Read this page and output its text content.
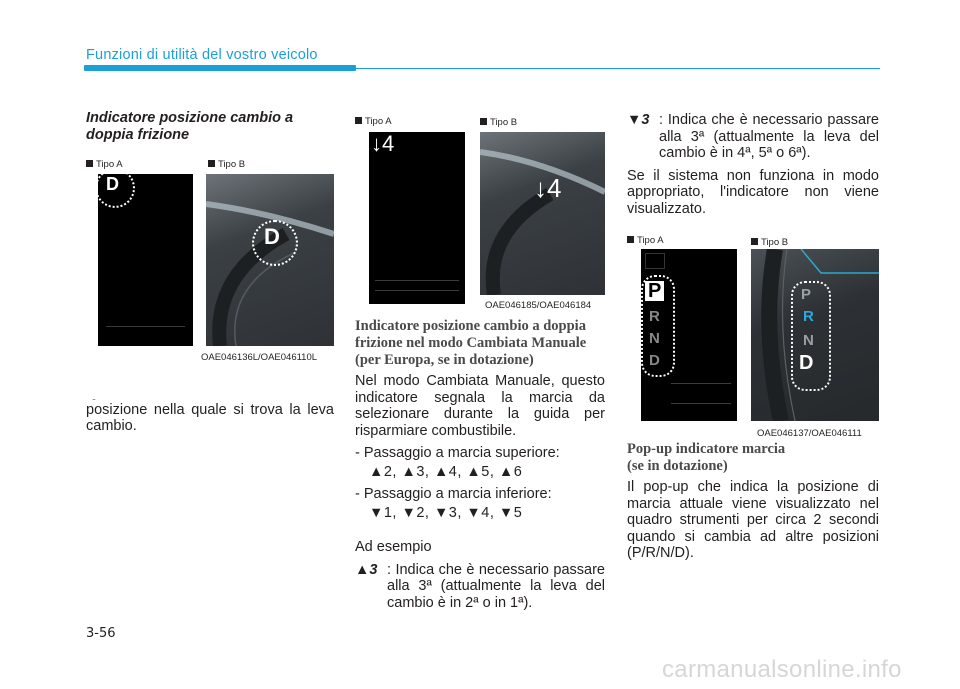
Funzioni di utilità del vostro veicolo
Indicatore posizione cambio a doppia frizione
Tipo A	Tipo B
D
D
OAE046136L/OAE046110L

posizione nella quale si trova la leva cambio.

Tipo A	Tipo B
↓4
↓4
OAE046185/OAE046184
Indicatore posizione cambio a doppia frizione nel modo Cambiata Manuale (per Europa, se in dotazione)

Nel modo Cambiata Manuale, questo indicatore segnala la marcia da selezionare durante la guida per risparmiare combustibile.

- Passaggio a marcia superiore:
▲2, ▲3, ▲4, ▲5, ▲6
- Passaggio a marcia inferiore:
▼1, ▼2, ▼3, ▼4, ▼5
Ad esempio
▲3 : Indica che è necessario passare alla 3ª (attualmente la leva del cambio è in 2ª o in 1ª).
▼3 : Indica che è necessario passare alla 3ª (attualmente la leva del cambio è in 4ª, 5ª o 6ª).

Se il sistema non funziona in modo appropriato, l'indicatore non viene visualizzato.

Tipo A	Tipo B
P
R
N
D
P
R
N
D
OAE046137/OAE046111
Pop-up indicatore marcia
(se in dotazione)

Il pop-up che indica la posizione di marcia attuale viene visualizzato nel quadro strumenti per circa 2 secondi quando si cambia ad altre posizioni (P/R/N/D).

3-56
carmanualsonline.info
